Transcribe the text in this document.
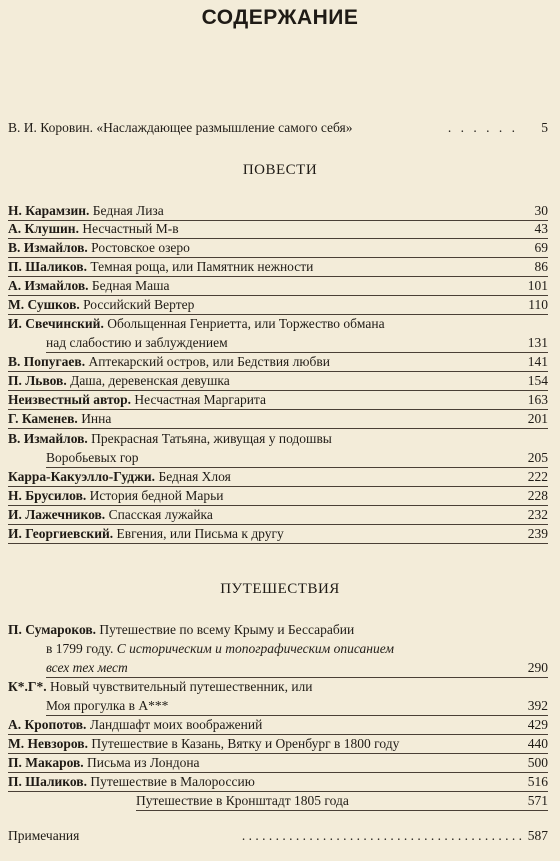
СОДЕРЖАНИЕ
В. И. Коровин. «Наслаждающее размышление самого себя»	. . . . . . 5
ПОВЕСТИ
Н. Карамзин. Бедная Лиза	30
А. Клушин. Несчастный М-в	43
В. Измайлов. Ростовское озеро	69
П. Шаликов. Темная роща, или Памятник нежности	86
А. Измайлов. Бедная Маша	101
М. Сушков. Российский Вертер	110
И. Свечинский. Обольщенная Генриетта, или Торжество обмана
над слабостию и заблуждением	131
В. Попугаев. Аптекарский остров, или Бедствия любви	141
П. Львов. Даша, деревенская девушка	154
Неизвестный автор. Несчастная Маргарита	163
Г. Каменев. Инна	201
В. Измайлов. Прекрасная Татьяна, живущая у подошвы
Воробьевых гор	205
Карра-Какуэлло-Гуджи. Бедная Хлоя	222
Н. Брусилов. История бедной Марьи	228
И. Лажечников. Спасская лужайка	232
И. Георгиевский. Евгения, или Письма к другу	239
ПУТЕШЕСТВИЯ
П. Сумароков. Путешествие по всему Крыму и Бессарабии
в 1799 году. С историческим и топографическим описанием
всех тех мест	290
К*.Г*. Новый чувствительный путешественник, или
Моя прогулка в А***	392
А. Кропотов. Ландшафт моих воображений	429
М. Невзоров. Путешествие в Казань, Вятку и Оренбург в 1800 году	440
П. Макаров. Письма из Лондона	500
П. Шаликов. Путешествие в Малороссию	516
Путешествие в Кронштадт 1805 года	571
Примечания	. . . . . . . . . . . . . . . . . . . . . . . . . . . . . . . . . . . . . . . . . . 587
